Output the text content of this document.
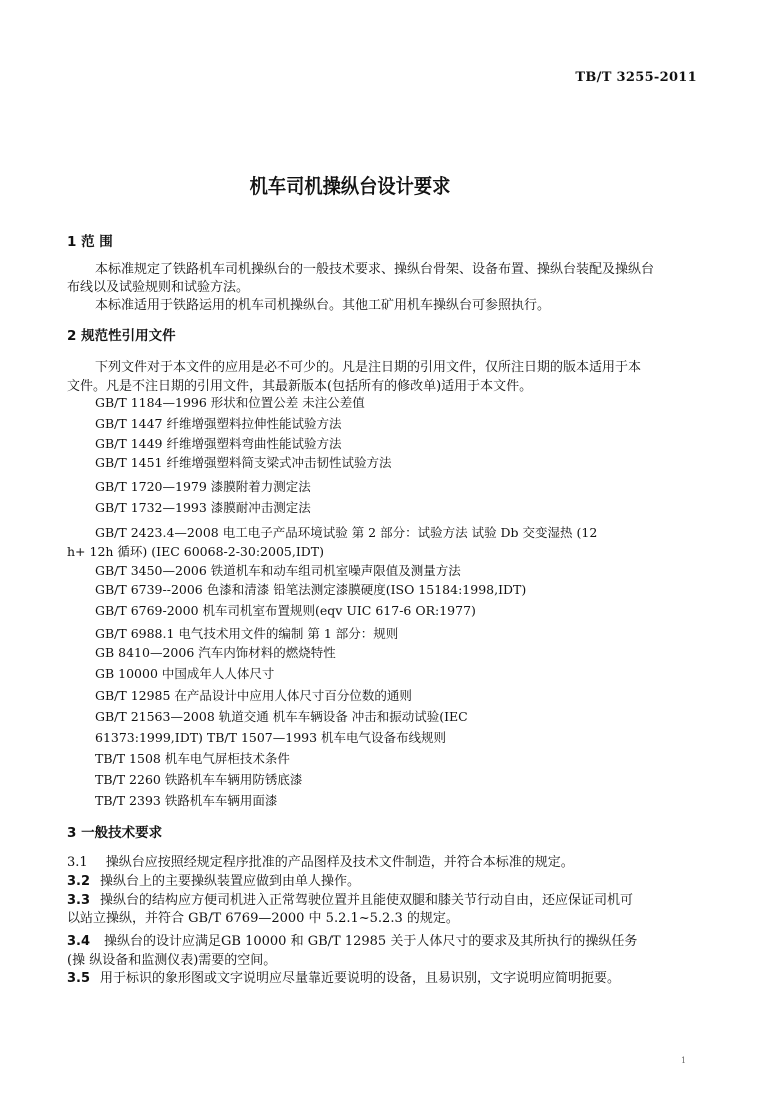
TB/T 3255-2011
机车司机操纵台设计要求
1 范 围
本标准规定了铁路机车司机操纵台的一般技术要求、操纵台骨架、设备布置、操纵台装配及操纵台
布线以及试验规则和试验方法。
本标准适用于铁路运用的机车司机操纵台。其他工矿用机车操纵台可参照执行。
2 规范性引用文件
下列文件对于本文件的应用是必不可少的。凡是注日期的引用文件，仅所注日期的版本适用于本
文件。凡是不注日期的引用文件，其最新版本(包括所有的修改单)适用于本文件。
GB/T 1184—1996 形状和位置公差 未注公差值
GB/T 1447 纤维增强塑料拉伸性能试验方法
GB/T 1449 纤维增强塑料弯曲性能试验方法
GB/T 1451 纤维增强塑料简支梁式冲击韧性试验方法
GB/T 1720—1979 漆膜附着力测定法
GB/T 1732—1993 漆膜耐冲击测定法
GB/T 2423.4—2008 电工电子产品环境试验 第 2 部分：试验方法 试验 Db 交变湿热 (12
h+ 12h 循环) (IEC 60068-2-30:2005,IDT)
GB/T 3450—2006 铁道机车和动车组司机室噪声限值及测量方法
GB/T 6739--2006 色漆和清漆 铅笔法测定漆膜硬度(ISO 15184:1998,IDT)
GB/T 6769-2000 机车司机室布置规则(eqv UIC 617-6 OR:1977)
GB/T 6988.1 电气技术用文件的编制 第 1 部分：规则
GB 8410—2006 汽车内饰材料的燃烧特性
GB 10000 中国成年人人体尺寸
GB/T 12985 在产品设计中应用人体尺寸百分位数的通则
GB/T 21563—2008 轨道交通 机车车辆设备 冲击和振动试验(IEC
61373:1999,IDT) TB/T 1507—1993 机车电气设备布线规则
TB/T 1508 机车电气屏柜技术条件
TB/T 2260 铁路机车车辆用防锈底漆
TB/T 2393 铁路机车车辆用面漆
3 一般技术要求
3.1 操纵台应按照经规定程序批准的产品图样及技术文件制造，并符合本标准的规定。
3.2 操纵台上的主要操纵装置应做到由单人操作。
3.3 操纵台的结构应方便司机进入正常驾驶位置并且能使双腿和膝关节行动自由，还应保证司机可
以站立操纵，并符合 GB/T 6769—2000 中 5.2.1~5.2.3 的规定。
3.4 操纵台的设计应满足GB 10000 和 GB/T 12985 关于人体尺寸的要求及其所执行的操纵任务
(操 纵设备和监测仪表)需要的空间。
3.5 用于标识的象形图或文字说明应尽量靠近要说明的设备，且易识别，文字说明应简明扼要。
1
